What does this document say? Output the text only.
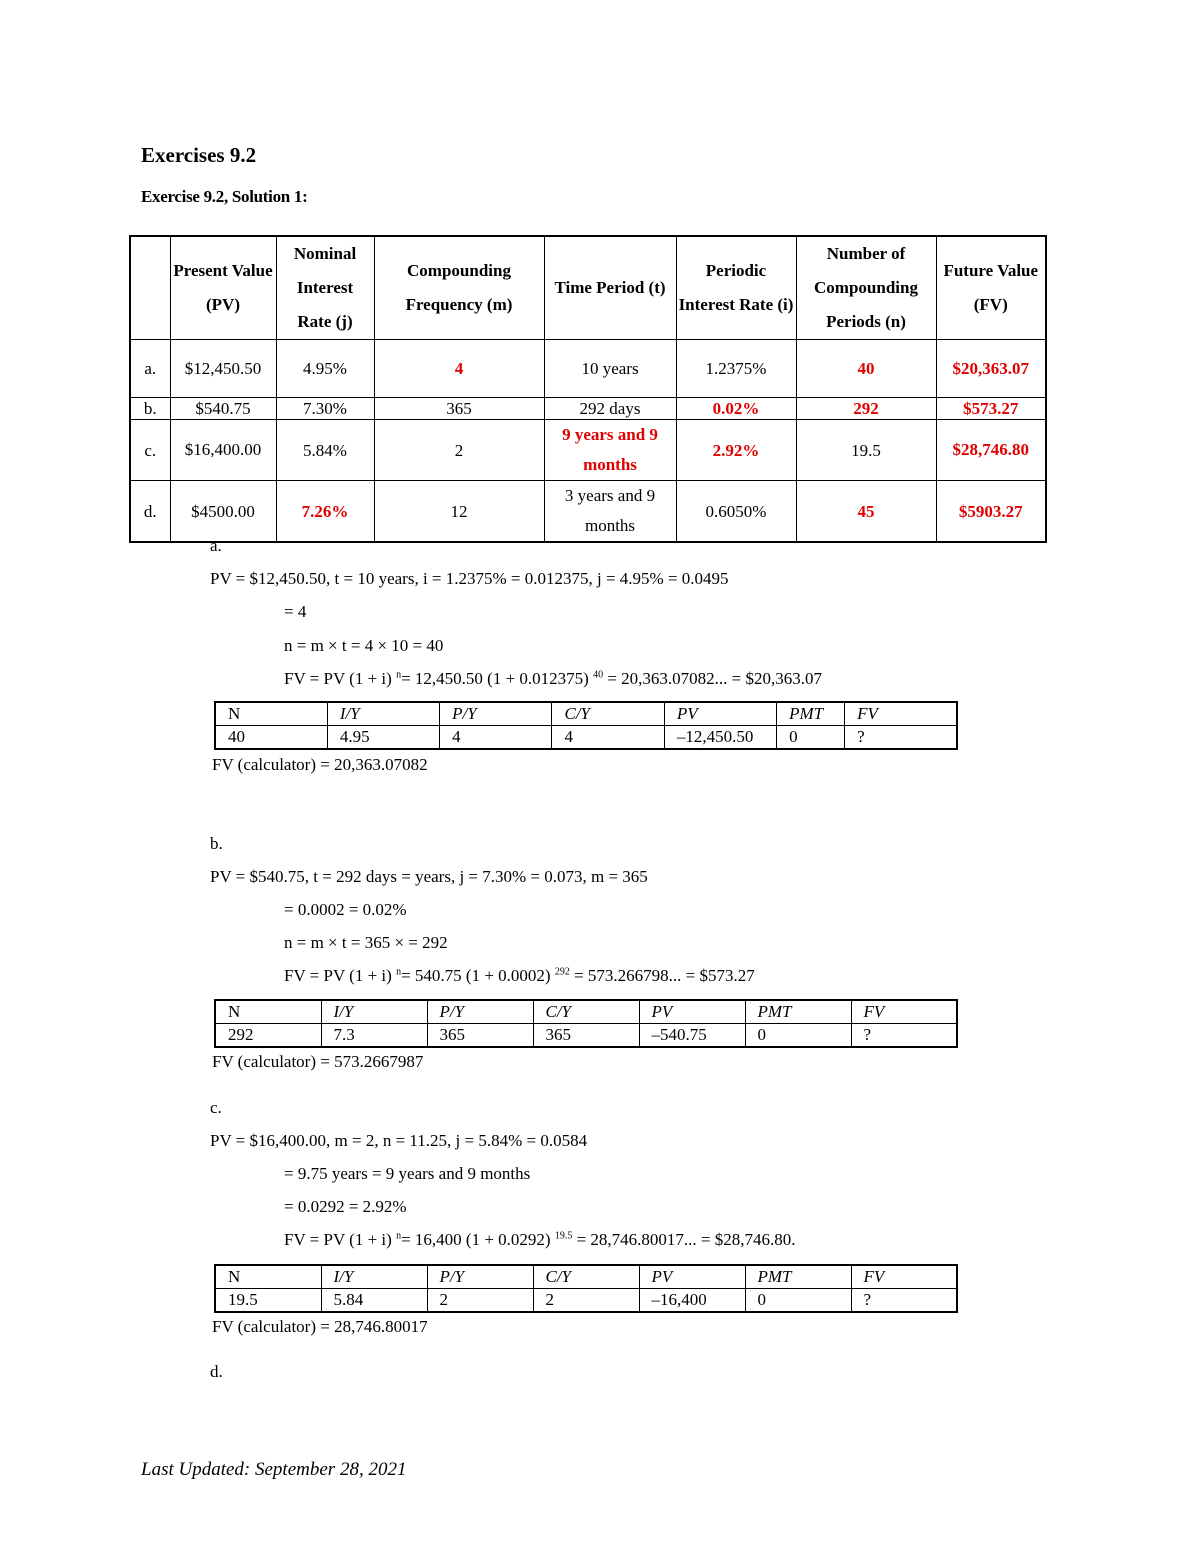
Exercises 9.2
Exercise 9.2, Solution 1:
	Present Value (PV)	Nominal Interest Rate (j)	Compounding Frequency (m)	Time Period (t)	Periodic Interest Rate (i)	Number of Compounding Periods (n)	Future Value (FV)
a.	$12,450.50	4.95%	4	10 years	1.2375%	40	$20,363.07
b.	$540.75	7.30%	365	292 days	0.02%	292	$573.27
c.	$16,400.00	5.84%	2	9 years and 9 months	2.92%	19.5	$28,746.80
d.	$4500.00	7.26%	12	3 years and 9 months	0.6050%	45	$5903.27
a.
PV = $12,450.50, t = 10 years, i = 1.2375% = 0.012375, j = 4.95% = 0.0495
= 4
n = m × t = 4 × 10 = 40
FV = PV (1 + i) $^n$= 12,450.50 (1 + 0.012375) $^{40}$ = 20,363.07082... = $20,363.07
N	I/Y	P/Y	C/Y	PV	PMT	FV
40	4.95	4	4	–12,450.50	0	?
FV (calculator) = 20,363.07082
b.
PV = $540.75, t = 292 days = years, j = 7.30% = 0.073, m = 365
= 0.0002 = 0.02%
n = m × t = 365 × = 292
FV = PV (1 + i) $^n$= 540.75 (1 + 0.0002) $^{292}$ = 573.266798... = $573.27
N	I/Y	P/Y	C/Y	PV	PMT	FV
292	7.3	365	365	–540.75	0	?
FV (calculator) = 573.2667987
c.
PV = $16,400.00, m = 2, n = 11.25, j = 5.84% = 0.0584
= 9.75 years = 9 years and 9 months
= 0.0292 = 2.92%
FV = PV (1 + i) $^n$= 16,400 (1 + 0.0292) $^{19.5}$ = 28,746.80017... = $28,746.80.
N	I/Y	P/Y	C/Y	PV	PMT	FV
19.5	5.84	2	2	–16,400	0	?
FV (calculator) = 28,746.80017
d.
Last Updated: September 28, 2021
